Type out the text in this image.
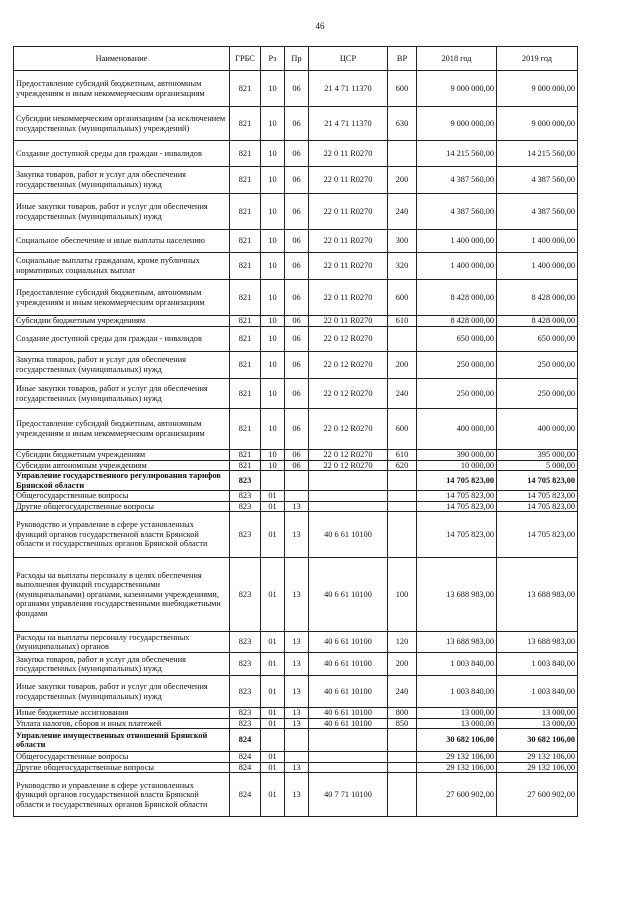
46
Наименование	ГРБС	Рз	Пр	ЦСР	ВР	2018 год	2019 год
Предоставление субсидий бюджетным, автономным учреждениям и иным некоммерческим организациям	821	10	06	21 4 71 11370	600	9 000 000,00	9 000 000,00
Субсидии некоммерческим организациям (за исключением государственных (муниципальных) учреждений)	821	10	06	21 4 71 11370	630	9 000 000,00	9 000 000,00
Создание доступной среды для граждан - инвалидов	821	10	06	22 0 11 R0270		14 215 560,00	14 215 560,00
Закупка товаров, работ и услуг для обеспечения государственных (муниципальных) нужд	821	10	06	22 0 11 R0270	200	4 387 560,00	4 387 560,00
Иные закупки товаров, работ и услуг для обеспечения государственных (муниципальных) нужд	821	10	06	22 0 11 R0270	240	4 387 560,00	4 387 560,00
Социальное обеспечение и иные выплаты населению	821	10	06	22 0 11 R0270	300	1 400 000,00	1 400 000,00
Социальные выплаты гражданам, кроме публичных нормативных социальных выплат	821	10	06	22 0 11 R0270	320	1 400 000,00	1 400 000,00
Предоставление субсидий бюджетным, автономным учреждениям и иным некоммерческим организациям	821	10	06	22 0 11 R0270	600	8 428 000,00	8 428 000,00
Субсидии бюджетным учреждениям	821	10	06	22 0 11 R0270	610	8 428 000,00	8 428 000,00
Создание доступной среды для граждан - инвалидов	821	10	06	22 0 12 R0270		650 000,00	650 000,00
Закупка товаров, работ и услуг для обеспечения государственных (муниципальных) нужд	821	10	06	22 0 12 R0270	200	250 000,00	250 000,00
Иные закупки товаров, работ и услуг для обеспечения государственных (муниципальных) нужд	821	10	06	22 0 12 R0270	240	250 000,00	250 000,00
Предоставление субсидий бюджетным, автономным учреждениям и иным некоммерческим организациям	821	10	06	22 0 12 R0270	600	400 000,00	400 000,00
Субсидии бюджетным учреждениям	821	10	06	22 0 12 R0270	610	390 000,00	395 000,00
Субсидии автономным учреждениям	821	10	06	22 0 12 R0270	620	10 000,00	5 000,00
Управление государственного регулирования тарифов Брянской области	823					14 705 823,00	14 705 823,00
Общегосударственные вопросы	823	01				14 705 823,00	14 705 823,00
Другие общегосударственные вопросы	823	01	13			14 705 823,00	14 705 823,00
Руководство и управление в сфере установленных функций органов государственной власти Брянской области и государственных органов Брянской области	823	01	13	40 6 61 10100		14 705 823,00	14 705 823,00
Расходы на выплаты персоналу в целях обеспечения выполнения функций государственными (муниципальными) органами, казенными учреждениями, органами управления государственными внебюджетными фондами	823	01	13	40 6 61 10100	100	13 688 983,00	13 688 983,00
Расходы на выплаты персоналу государственных (муниципальных) органов	823	01	13	40 6 61 10100	120	13 688 983,00	13 688 983,00
Закупка товаров, работ и услуг для обеспечения государственных (муниципальных) нужд	823	01	13	40 6 61 10100	200	1 003 840,00	1 003 840,00
Иные закупки товаров, работ и услуг для обеспечения государственных (муниципальных) нужд	823	01	13	40 6 61 10100	240	1 003 840,00	1 003 840,00
Иные бюджетные ассигнования	823	01	13	40 6 61 10100	800	13 000,00	13 000,00
Уплата налогов, сборов и иных платежей	823	01	13	40 6 61 10100	850	13 000,00	13 000,00
Управление имущественных отношений Брянской области	824					30 682 106,00	30 682 106,00
Общегосударственные вопросы	824	01				29 132 106,00	29 132 106,00
Другие общегосударственные вопросы	824	01	13			29 132 106,00	29 132 106,00
Руководство и управление в сфере установленных функций органов государственной власти Брянской области и государственных органов Брянской области	824	01	13	40 7 71 10100		27 600 902,00	27 600 902,00
